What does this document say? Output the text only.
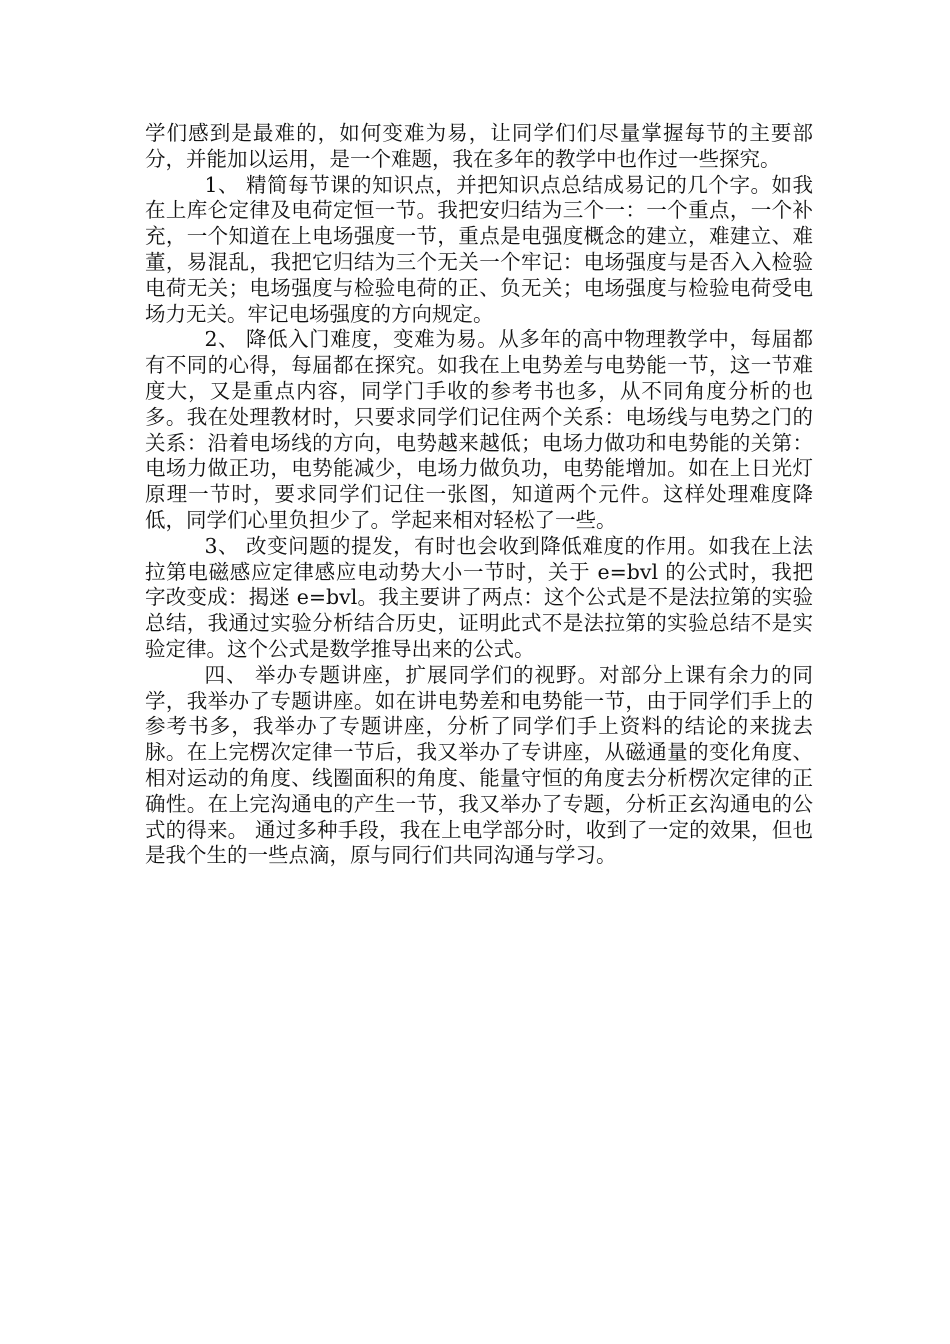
学们感到是最难的，如何变难为易，让同学们们尽量掌握每节的主要部分，并能加以运用，是一个难题，我在多年的教学中也作过一些探究。

1、 精简每节课的知识点，并把知识点总结成易记的几个字。如我在上库仑定律及电荷定恒一节。我把安归结为三个一：一个重点，一个补充，一个知道在上电场强度一节，重点是电强度概念的建立，难建立、难董，易混乱，我把它归结为三个无关一个牢记：电场强度与是否入入检验电荷无关；电场强度与检验电荷的正、负无关；电场强度与检验电荷受电场力无关。牢记电场强度的方向规定。

2、 降低入门难度，变难为易。从多年的高中物理教学中，每届都有不同的心得，每届都在探究。如我在上电势差与电势能一节，这一节难度大，又是重点内容，同学门手收的参考书也多，从不同角度分析的也多。我在处理教材时，只要求同学们记住两个关系：电场线与电势之门的关系：沿着电场线的方向，电势越来越低；电场力做功和电势能的关第：电场力做正功，电势能减少，电场力做负功，电势能增加。如在上日光灯原理一节时，要求同学们记住一张图，知道两个元件。这样处理难度降低，同学们心里负担少了。学起来相对轻松了一些。

3、 改变问题的提发，有时也会收到降低难度的作用。如我在上法拉第电磁感应定律感应电动势大小一节时，关于 e=bvl 的公式时，我把字改变成：揭迷 e=bvl。我主要讲了两点：这个公式是不是法拉第的实验总结，我通过实验分析结合历史，证明此式不是法拉第的实验总结不是实验定律。这个公式是数学推导出来的公式。

四、 举办专题讲座，扩展同学们的视野。对部分上课有余力的同学，我举办了专题讲座。如在讲电势差和电势能一节，由于同学们手上的参考书多，我举办了专题讲座，分析了同学们手上资料的结论的来拢去脉。在上完楞次定律一节后，我又举办了专讲座，从磁通量的变化角度、相对运动的角度、线圈面积的角度、能量守恒的角度去分析楞次定律的正确性。在上完沟通电的产生一节，我又举办了专题，分析正玄沟通电的公式的得来。 通过多种手段，我在上电学部分时，收到了一定的效果，但也是我个生的一些点滴，原与同行们共同沟通与学习。
